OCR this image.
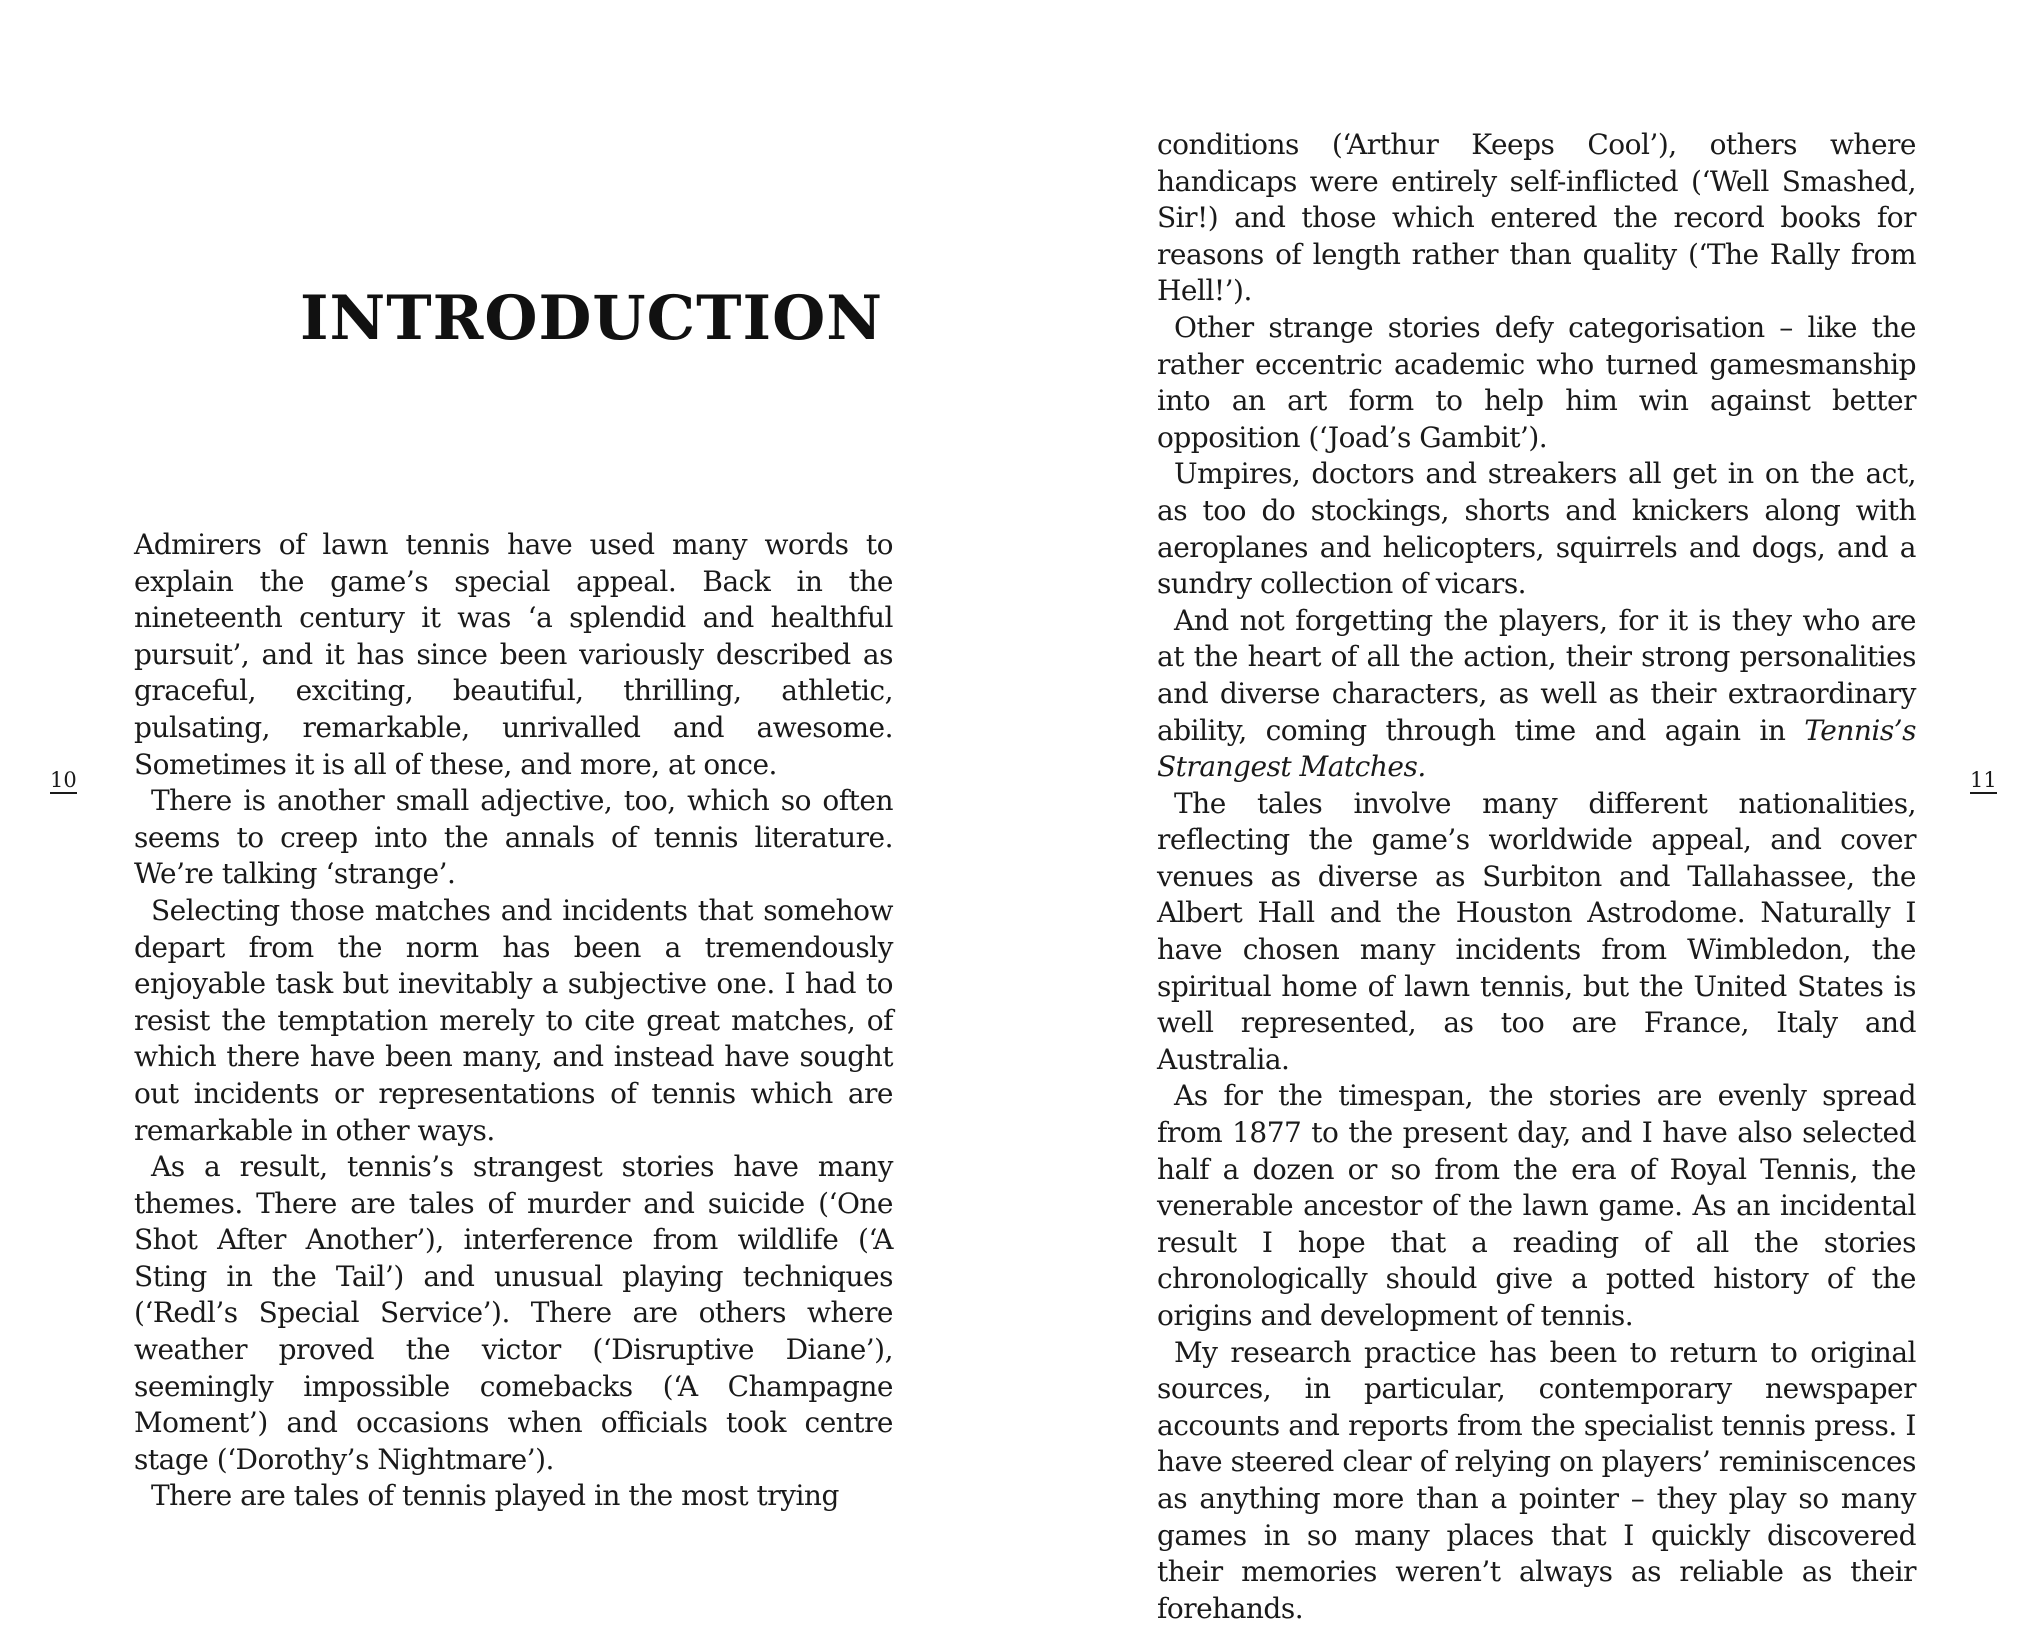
INTRODUCTION
10

Admirers of lawn tennis have used many words to explain the game’s special appeal. Back in the nineteenth century it was ‘a splendid and healthful pursuit’, and it has since been variously described as graceful, exciting, beautiful, thrilling, athletic, pulsating, remarkable, unrivalled and awesome. Sometimes it is all of these, and more, at once.

There is another small adjective, too, which so often seems to creep into the annals of tennis literature. We’re talking ‘strange’.

Selecting those matches and incidents that somehow depart from the norm has been a tremendously enjoyable task but inevitably a subjective one. I had to resist the temptation merely to cite great matches, of which there have been many, and instead have sought out incidents or representations of tennis which are remarkable in other ways.

As a result, tennis’s strangest stories have many themes. There are tales of murder and suicide (‘One Shot After Another’), interference from wildlife (‘A Sting in the Tail’) and unusual playing techniques (‘Redl’s Special Service’). There are others where weather proved the victor (‘Disruptive Diane’), seemingly impossible comebacks (‘A Champagne Moment’) and occasions when officials took centre stage (‘Dorothy’s Nightmare’).

There are tales of tennis played in the most trying

11

conditions (‘Arthur Keeps Cool’), others where handicaps were entirely self-inflicted (‘Well Smashed, Sir!) and those which entered the record books for reasons of length rather than quality (‘The Rally from Hell!’).

Other strange stories defy categorisation – like the rather eccentric academic who turned gamesmanship into an art form to help him win against better opposition (‘Joad’s Gambit’).

Umpires, doctors and streakers all get in on the act, as too do stockings, shorts and knickers along with aeroplanes and helicopters, squirrels and dogs, and a sundry collection of vicars.

And not forgetting the players, for it is they who are at the heart of all the action, their strong personalities and diverse characters, as well as their extraordinary ability, coming through time and again in Tennis’s Strangest Matches.

The tales involve many different nationalities, reflecting the game’s worldwide appeal, and cover venues as diverse as Surbiton and Tallahassee, the Albert Hall and the Houston Astrodome. Naturally I have chosen many incidents from Wimbledon, the spiritual home of lawn tennis, but the United States is well represented, as too are France, Italy and Australia.

As for the timespan, the stories are evenly spread from 1877 to the present day, and I have also selected half a dozen or so from the era of Royal Tennis, the venerable ancestor of the lawn game. As an incidental result I hope that a reading of all the stories chronologically should give a potted history of the origins and development of tennis.

My research practice has been to return to original sources, in particular, contemporary newspaper accounts and reports from the specialist tennis press. I have steered clear of relying on players’ reminiscences as anything more than a pointer – they play so many games in so many places that I quickly discovered their memories weren’t always as reliable as their forehands.
